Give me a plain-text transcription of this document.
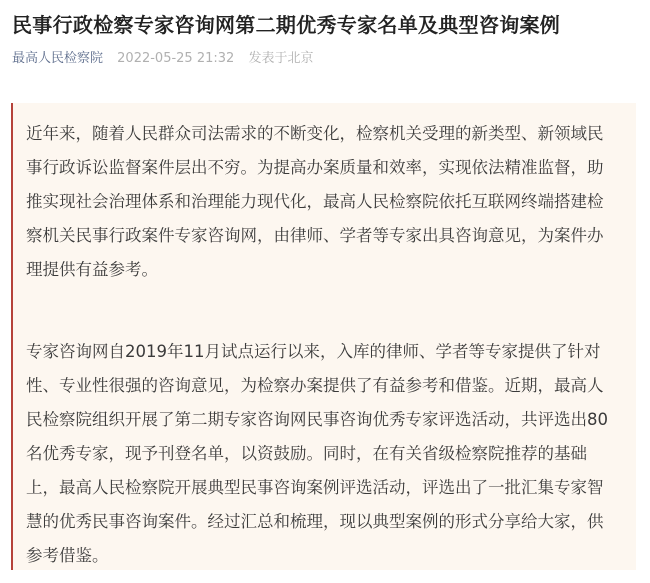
民事行政检察专家咨询网第二期优秀专家名单及典型咨询案例
最高人民检察院 2022-05-25 21:32 发表于北京
近年来，随着人民群众司法需求的不断变化，检察机关受理的新类型、新领域民
事行政诉讼监督案件层出不穷。为提高办案质量和效率，实现依法精准监督，助
推实现社会治理体系和治理能力现代化，最高人民检察院依托互联网终端搭建检
察机关民事行政案件专家咨询网，由律师、学者等专家出具咨询意见，为案件办
理提供有益参考。
专家咨询网自2019年11月试点运行以来，入库的律师、学者等专家提供了针对
性、专业性很强的咨询意见，为检察办案提供了有益参考和借鉴。近期，最高人
民检察院组织开展了第二期专家咨询网民事咨询优秀专家评选活动，共评选出80
名优秀专家，现予刊登名单，以资鼓励。同时，在有关省级检察院推荐的基础
上，最高人民检察院开展典型民事咨询案例评选活动，评选出了一批汇集专家智
慧的优秀民事咨询案件。经过汇总和梳理，现以典型案例的形式分享给大家，供
参考借鉴。
